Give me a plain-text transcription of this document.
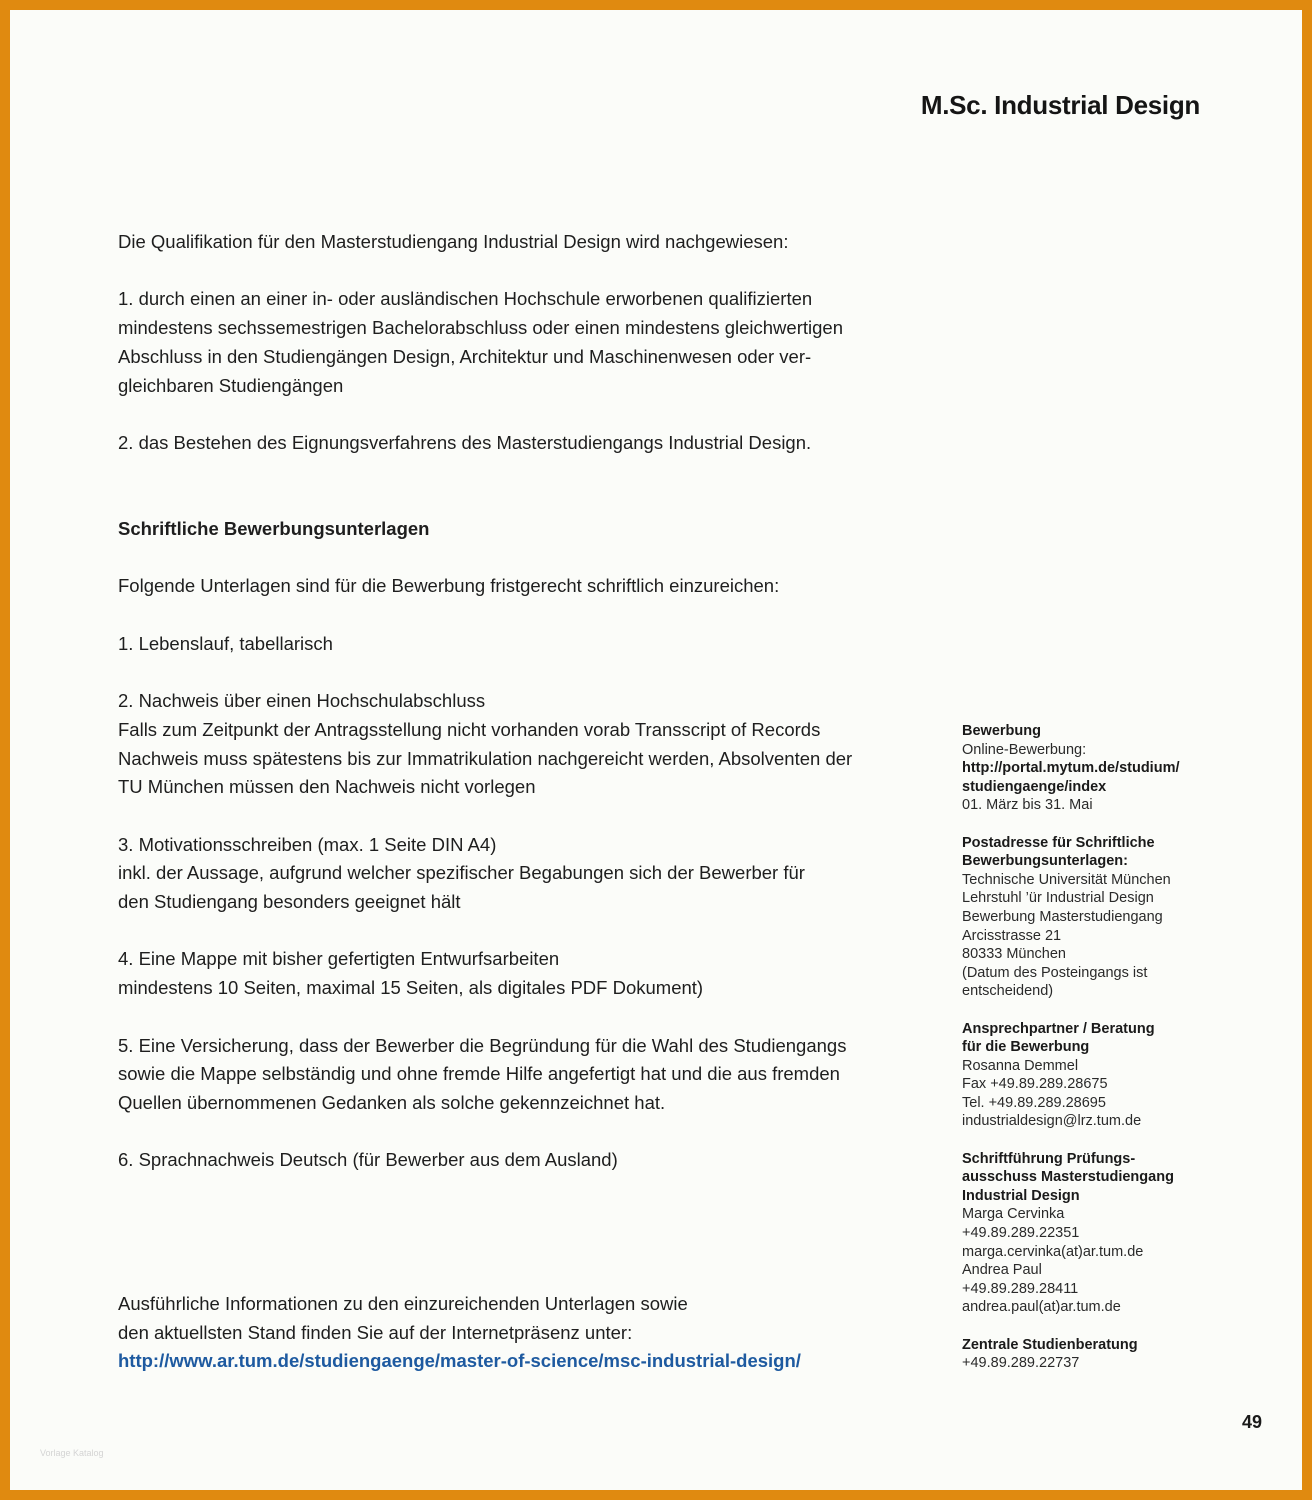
M.Sc. Industrial Design

Die Qualifikation für den Masterstudiengang Industrial Design wird nachgewiesen:

1. durch einen an einer in- oder ausländischen Hochschule erworbenen qualifizierten

mindestens sechssemestrigen Bachelorabschluss oder einen mindestens gleichwertigen

Abschluss in den Studiengängen Design, Architektur und Maschinenwesen oder ver-

gleichbaren Studiengängen

2. das Bestehen des Eignungsverfahrens des Masterstudiengangs Industrial Design.

Schriftliche Bewerbungsunterlagen

Folgende Unterlagen sind für die Bewerbung fristgerecht schriftlich einzureichen:

1. Lebenslauf, tabellarisch

2. Nachweis über einen Hochschulabschluss

Falls zum Zeitpunkt der Antragsstellung nicht vorhanden vorab Transscript of Records

Nachweis muss spätestens bis zur Immatrikulation nachgereicht werden, Absolventen der

TU München müssen den Nachweis nicht vorlegen

3. Motivationsschreiben (max. 1 Seite DIN A4)

inkl. der Aussage, aufgrund welcher spezifischer Begabungen sich der Bewerber für

den Studiengang besonders geeignet hält

4. Eine Mappe mit bisher gefertigten Entwurfsarbeiten

mindestens 10 Seiten, maximal 15 Seiten, als digitales PDF Dokument)

5. Eine Versicherung, dass der Bewerber die Begründung für die Wahl des Studiengangs

sowie die Mappe selbständig und ohne fremde Hilfe angefertigt hat und die aus fremden

Quellen übernommenen Gedanken als solche gekennzeichnet hat.

6. Sprachnachweis Deutsch (für Bewerber aus dem Ausland)

Ausführliche Informationen zu den einzureichenden Unterlagen sowie

den aktuellsten Stand finden Sie auf der Internetpräsenz unter:

http://www.ar.tum.de/studiengaenge/master-of-science/msc-industrial-design/

Bewerbung
Online-Bewerbung:
http://portal.mytum.de/studium/
studiengaenge/index
01. März bis 31. Mai
Postadresse für Schriftliche
Bewerbungsunterlagen:
Technische Universität München
Lehrstuhl ’ür Industrial Design
Bewerbung Masterstudiengang
Arcisstrasse 21
80333 München
(Datum des Posteingangs ist
entscheidend)
Ansprechpartner / Beratung
für die Bewerbung
Rosanna Demmel
Fax +49.89.289.28675
Tel. +49.89.289.28695
industrialdesign@lrz.tum.de
Schriftführung Prüfungs-
ausschuss Masterstudiengang
Industrial Design
Marga Cervinka
+49.89.289.22351
marga.cervinka(at)ar.tum.de
Andrea Paul
+49.89.289.28411
andrea.paul(at)ar.tum.de
Zentrale Studienberatung
+49.89.289.22737
49
Vorlage Katalog
